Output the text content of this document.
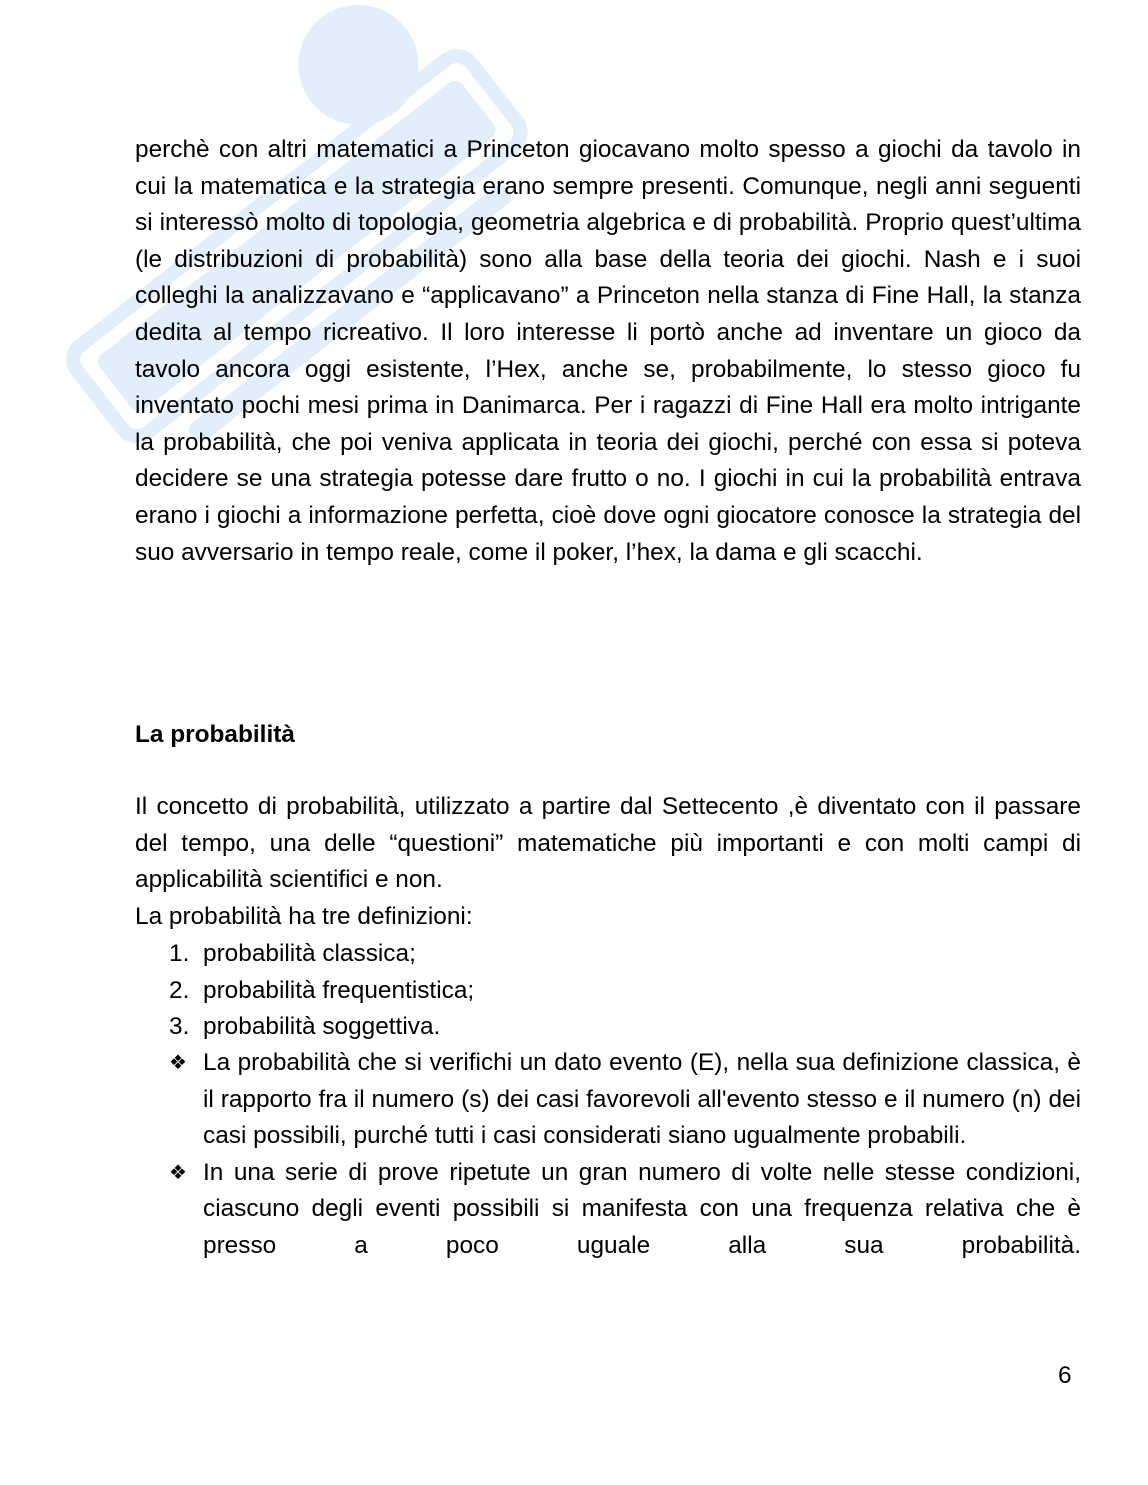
perchè con altri matematici a Princeton giocavano molto spesso a giochi da tavolo in cui la matematica e la strategia erano sempre presenti. Comunque, negli anni seguenti si interessò molto di topologia, geometria algebrica e di probabilità. Proprio quest’ultima (le distribuzioni di probabilità) sono alla base della teoria dei giochi. Nash e i suoi colleghi la analizzavano e “applicavano” a Princeton nella stanza di Fine Hall, la stanza dedita al tempo ricreativo. Il loro interesse li portò anche ad inventare un gioco da tavolo ancora oggi esistente, l’Hex, anche se, probabilmente, lo stesso gioco fu inventato pochi mesi prima in Danimarca. Per i ragazzi di Fine Hall era molto intrigante la probabilità, che poi veniva applicata in teoria dei giochi, perché con essa si poteva decidere se una strategia potesse dare frutto o no. I giochi in cui la probabilità entrava erano i giochi a informazione perfetta, cioè dove ogni giocatore conosce la strategia del suo avversario in tempo reale, come il poker, l’hex, la dama e gli scacchi.

La probabilità

Il concetto di probabilità, utilizzato a partire dal Settecento ,è diventato con il passare del tempo, una delle “questioni” matematiche più importanti e con molti campi di applicabilità scientifici e non.

La probabilità ha tre definizioni:

1. probabilità classica;
2. probabilità frequentistica;
3. probabilità soggettiva.
❖ La probabilità che si verifichi un dato evento (E), nella sua definizione classica, è il rapporto fra il numero (s) dei casi favorevoli all'evento stesso e il numero (n) dei casi possibili, purché tutti i casi considerati siano ugualmente probabili.
❖ In una serie di prove ripetute un gran numero di volte nelle stesse condizioni, ciascuno degli eventi possibili si manifesta con una frequenza relativa che è presso a poco uguale alla sua probabilità.
6
